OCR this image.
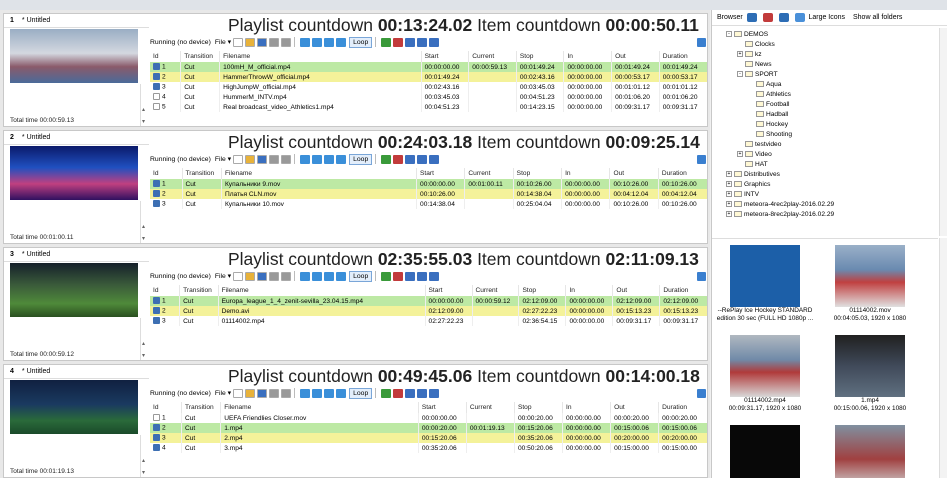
1 * Untitled
Total time 00:00:59.13
▴
▾
Playlist countdown 00:13:24.02 Item countdown 00:00:50.11
Running (no device) File ▾	Loop
Id	Transition	Filename	Start	Current	Stop	In	Out	Duration
1	Cut	100mH_M_official.mp4	00:00:00.00	00:00:59.13	00:01:49.24	00:00:00.00	00:01:49.24	00:01:49.24
2	Cut	HammerThrowW_official.mp4	00:01:49.24		00:02:43.16	00:00:00.00	00:00:53.17	00:00:53.17
3	Cut	HighJumpW_official.mp4	00:02:43.16		00:03:45.03	00:00:00.00	00:01:01.12	00:01:01.12
4	Cut	HummerM_INTV.mp4	00:03:45.03		00:04:51.23	00:00:00.00	00:01:06.20	00:01:06.20
5	Cut	Real broadcast_video_Athletics1.mp4	00:04:51.23		00:14:23.15	00:00:00.00	00:09:31.17	00:09:31.17
2 * Untitled
Total time 00:01:00.11
▴
▾
Playlist countdown 00:24:03.18 Item countdown 00:09:25.14
Running (no device) File ▾	Loop
Id	Transition	Filename	Start	Current	Stop	In	Out	Duration
1	Cut	Купальники 9.mov	00:00:00.00	00:01:00.11	00:10:26.00	00:00:00.00	00:10:26.00	00:10:26.00
2	Cut	Платья CLN.mov	00:10:26.00		00:14:38.04	00:00:00.00	00:04:12.04	00:04:12.04
3	Cut	Купальники 10.mov	00:14:38.04		00:25:04.04	00:00:00.00	00:10:26.00	00:10:26.00
3 * Untitled
Total time 00:00:59.12
▴
▾
Playlist countdown 02:35:55.03 Item countdown 02:11:09.13
Running (no device) File ▾	Loop
Id	Transition	Filename	Start	Current	Stop	In	Out	Duration
1	Cut	Europa_league_1_4_zenit-sevilla_23.04.15.mp4	00:00:00.00	00:00:59.12	02:12:09.00	00:00:00.00	02:12:09.00	02:12:09.00
2	Cut	Demo.avi	02:12:09.00		02:27:22.23	00:00:00.00	00:15:13.23	00:15:13.23
3	Cut	01114002.mp4	02:27:22.23		02:36:54.15	00:00:00.00	00:09:31.17	00:09:31.17
4 * Untitled
Total time 00:01:19.13
▴
▾
Playlist countdown 00:49:45.06 Item countdown 00:14:00.18
Running (no device) File ▾	Loop
Id	Transition	Filename	Start	Current	Stop	In	Out	Duration
1	Cut	UEFA Friendlies Closer.mov	00:00:00.00		00:00:20.00	00:00:00.00	00:00:20.00	00:00:20.00
2	Cut	1.mp4	00:00:20.00	00:01:19.13	00:15:20.06	00:00:00.00	00:15:00.06	00:15:00.06
3	Cut	2.mp4	00:15:20.06		00:35:20.06	00:00:00.00	00:20:00.00	00:20:00.00
4	Cut	3.mp4	00:35:20.06		00:50:20.06	00:00:00.00	00:15:00.00	00:15:00.00
Browser	Large Icons Show all folders
- DEMOS
Clocks
+ kz
News
- SPORT
Aqua
Athletics
Football
Hadball
Hockey
Shooting
testvideo
+ Video
HAT
+ Distributives
+ Graphics
+ INTV
+ meteora-4rec2play-2016.02.29
+ meteora-8rec2play-2016.02.29
--RePlay Ice Hockey STANDARD
edition 30 sec (FULL HD 1080p ...
01114002.mov
00:04:05.03, 1920 x 1080
01114002.mp4
00:09:31.17, 1920 x 1080
1.mp4
00:15:00.06, 1920 x 1080
